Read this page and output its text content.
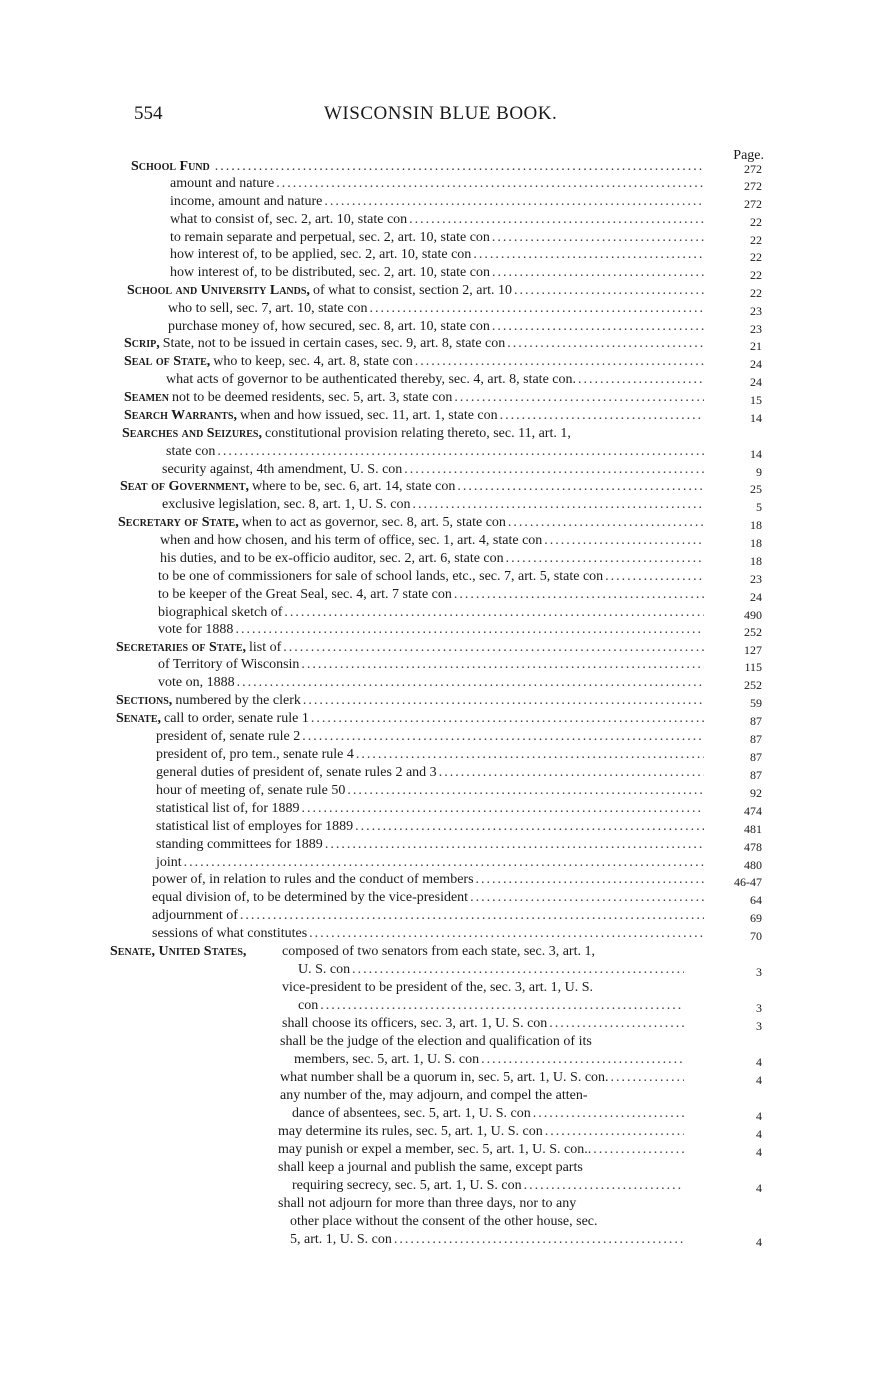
554	WISCONSIN BLUE BOOK.
Page.
School Fund .....	272
amount and nature .....	272
income, amount and nature .....	272
what to consist of, sec. 2, art. 10, state con .....	22
to remain separate and perpetual, sec. 2, art. 10, state con .....	22
how interest of, to be applied, sec. 2, art. 10, state con .....	22
how interest of, to be distributed, sec. 2, art. 10, state con .....	22
School and University Lands, of what to consist, section 2, art. 10 .....	22
who to sell, sec. 7, art. 10, state con .....	23
purchase money of, how secured, sec. 8, art. 10, state con .....	23
Scrip, State, not to be issued in certain cases, sec. 9, art. 8, state con .....	21
Seal of State, who to keep, sec. 4, art. 8, state con .....	24
what acts of governor to be authenticated thereby, sec. 4, art. 8, state con. .....	24
Seamen not to be deemed residents, sec. 5, art. 3, state con .....	15
Search Warrants, when and how issued, sec. 11, art. 1, state con .....	14
Searches and Seizures, constitutional provision relating thereto, sec. 11, art. 1,
state con .....	14
security against, 4th amendment, U. S. con .....	9
Seat of Government, where to be, sec. 6, art. 14, state con .....	25
exclusive legislation, sec. 8, art. 1, U. S. con .....	5
Secretary of State, when to act as governor, sec. 8, art. 5, state con .....	18
when and how chosen, and his term of office, sec. 1, art. 4, state con .....	18
his duties, and to be ex-officio auditor, sec. 2, art. 6, state con .....	18
to be one of commissioners for sale of school lands, etc., sec. 7, art. 5, state con .....	23
to be keeper of the Great Seal, sec. 4, art. 7 state con .....	24
biographical sketch of .....	490
vote for 1888 .....	252
Secretaries of State, list of .....	127
of Territory of Wisconsin .....	115
vote on, 1888 .....	252
Sections, numbered by the clerk .....	59
Senate, call to order, senate rule 1 .....	87
president of, senate rule 2 .....	87
president of, pro tem., senate rule 4 .....	87
general duties of president of, senate rules 2 and 3 .....	87
hour of meeting of, senate rule 50 .....	92
statistical list of, for 1889 .....	474
statistical list of employes for 1889 .....	481
standing committees for 1889 .....	478
joint .....	480
power of, in relation to rules and the conduct of members .....	46-47
equal division of, to be determined by the vice-president .....	64
adjournment of .....	69
sessions of what constitutes .....	70
Senate, United States,	composed of two senators from each state, sec. 3, art. 1,
U. S. con .....	3
vice-president to be president of the, sec. 3, art. 1, U. S.
con .....	3
shall choose its officers, sec. 3, art. 1, U. S. con .....	3
shall be the judge of the election and qualification of its
members, sec. 5, art. 1, U. S. con .....	4
what number shall be a quorum in, sec. 5, art. 1, U. S. con. .....	4
any number of the, may adjourn, and compel the atten-
dance of absentees, sec. 5, art. 1, U. S. con .....	4
may determine its rules, sec. 5, art. 1, U. S. con .....	4
may punish or expel a member, sec. 5, art. 1, U. S. con.. .....	4
shall keep a journal and publish the same, except parts
requiring secrecy, sec. 5, art. 1, U. S. con .....	4
shall not adjourn for more than three days, nor to any
other place without the consent of the other house, sec.
5, art. 1, U. S. con .....	4
